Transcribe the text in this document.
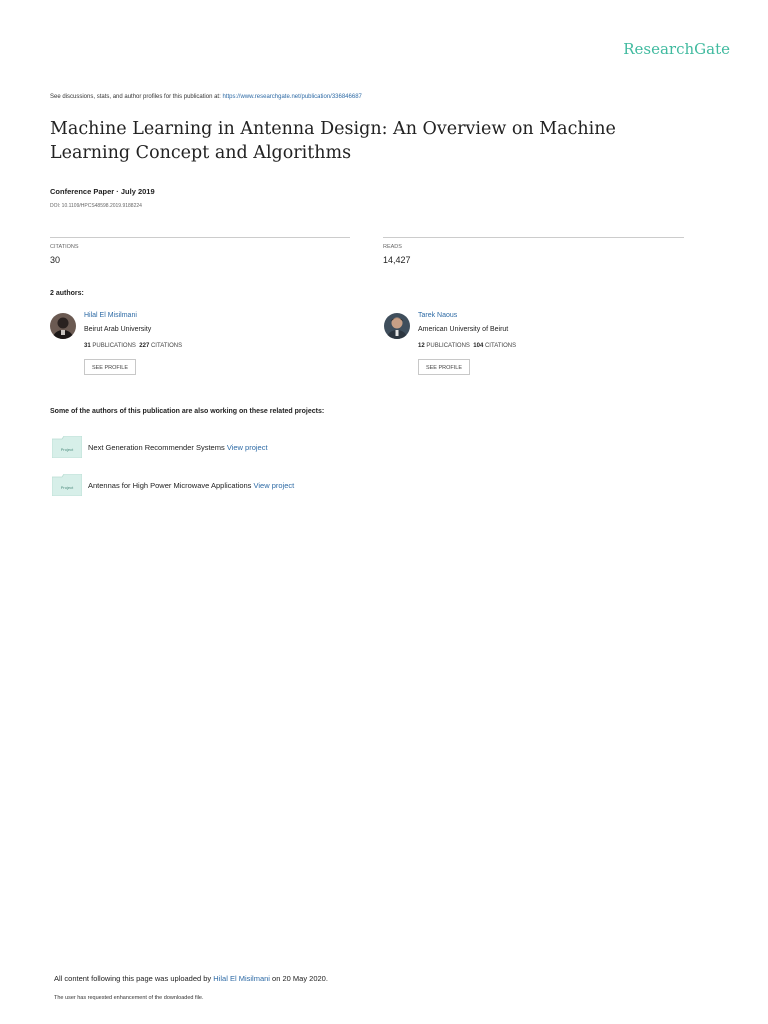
ResearchGate
See discussions, stats, and author profiles for this publication at: https://www.researchgate.net/publication/336846687
Machine Learning in Antenna Design: An Overview on Machine Learning Concept and Algorithms
Conference Paper · July 2019
DOI: 10.1109/HPCS48598.2019.9188224
CITATIONS
30
READS
14,427
2 authors:
Hilal El Misilmani
Beirut Arab University
31 PUBLICATIONS 227 CITATIONS
SEE PROFILE
Tarek Naous
American University of Beirut
12 PUBLICATIONS 104 CITATIONS
SEE PROFILE
Some of the authors of this publication are also working on these related projects:
Project Next Generation Recommender Systems View project
Project Antennas for High Power Microwave Applications View project
All content following this page was uploaded by Hilal El Misilmani on 20 May 2020.
The user has requested enhancement of the downloaded file.
